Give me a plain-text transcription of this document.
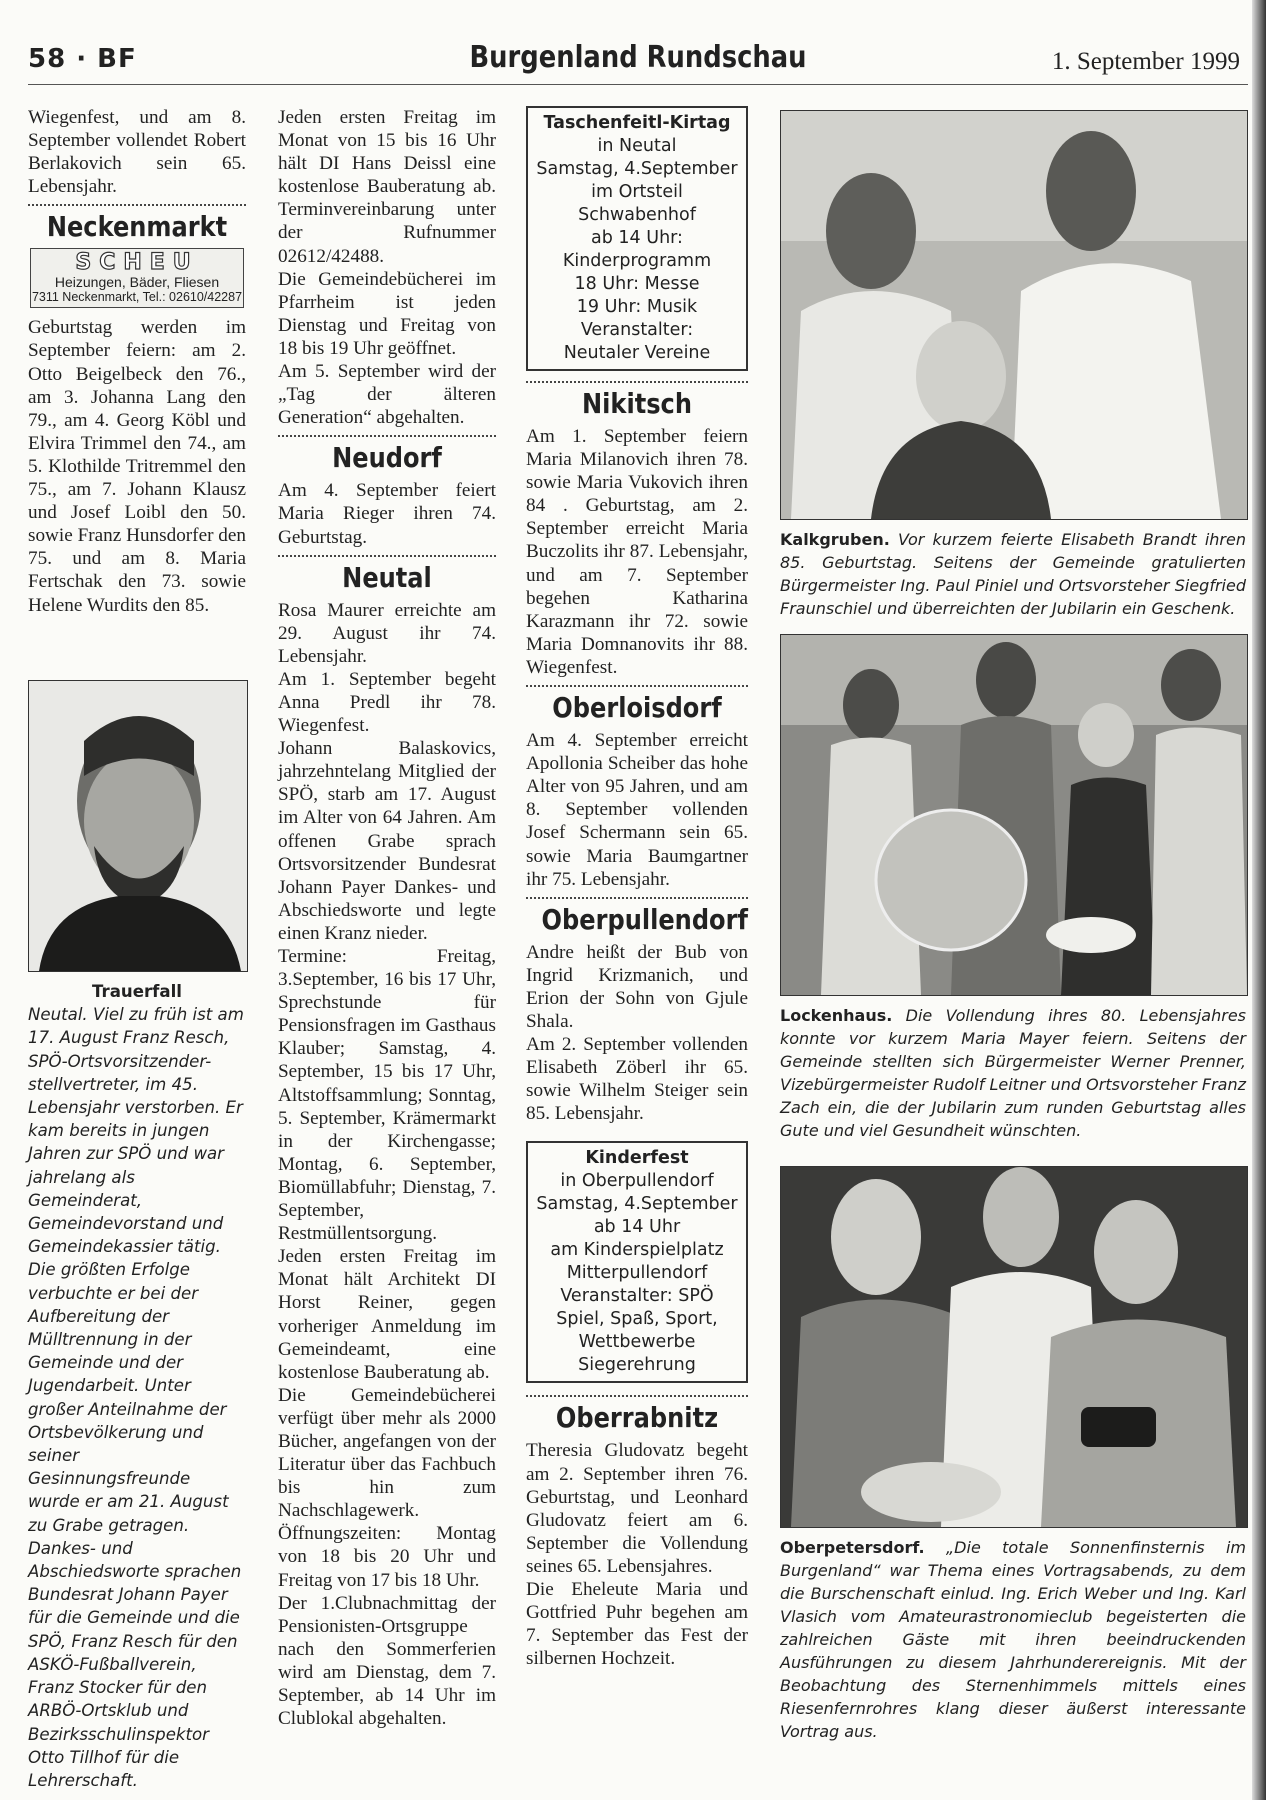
58 · BF	Burgenland Rundschau	1. September 1999

Wiegenfest, und am 8. September vollendet Robert Berlakovich sein 65. Lebensjahr.

Neckenmarkt
SCHEU
Heizungen, Bäder, Fliesen
7311 Neckenmarkt, Tel.: 02610/42287

Geburtstag werden im September feiern: am 2. Otto Beigelbeck den 76., am 3. Johanna Lang den 79., am 4. Georg Köbl und Elvira Trimmel den 74., am 5. Klothilde Tritremmel den 75., am 7. Johann Klausz und Josef Loibl den 50. sowie Franz Hunsdorfer den 75. und am 8. Maria Fertschak den 73. sowie Helene Wurdits den 85.

Trauerfall
Neutal. Viel zu früh ist am 17. August Franz Resch, SPÖ-Ortsvorsitzender-stellvertreter, im 45. Lebensjahr verstorben. Er kam bereits in jungen Jahren zur SPÖ und war jahrelang als Gemeinderat, Gemeindevorstand und Gemeindekassier tätig. Die größten Erfolge verbuchte er bei der Aufbereitung der Mülltrennung in der Gemeinde und der Jugendarbeit. Unter großer Anteilnahme der Ortsbevölkerung und seiner Gesinnungsfreunde wurde er am 21. August zu Grabe getragen. Dankes- und Abschiedsworte sprachen Bundesrat Johann Payer für die Gemeinde und die SPÖ, Franz Resch für den ASKÖ-Fußballverein, Franz Stocker für den ARBÖ-Ortsklub und Bezirksschulinspektor Otto Tillhof für die Lehrerschaft.

Jeden ersten Freitag im Monat von 15 bis 16 Uhr hält DI Hans Deissl eine kostenlose Bauberatung ab. Terminvereinbarung unter der Rufnummer 02612/42488.

Die Gemeindebücherei im Pfarrheim ist jeden Dienstag und Freitag von 18 bis 19 Uhr geöffnet.

Am 5. September wird der „Tag der älteren Generation“ abgehalten.

Neudorf

Am 4. September feiert Maria Rieger ihren 74. Geburtstag.

Neutal

Rosa Maurer erreichte am 29. August ihr 74. Lebensjahr.

Am 1. September begeht Anna Predl ihr 78. Wiegenfest.

Johann Balaskovics, jahrzehntelang Mitglied der SPÖ, starb am 17. August im Alter von 64 Jahren. Am offenen Grabe sprach Ortsvorsitzender Bundesrat Johann Payer Dankes- und Abschiedsworte und legte einen Kranz nieder.

Termine: Freitag, 3.September, 16 bis 17 Uhr, Sprechstunde für Pensionsfragen im Gasthaus Klauber; Samstag, 4. September, 15 bis 17 Uhr, Altstoffsammlung; Sonntag, 5. September, Krämermarkt in der Kirchengasse; Montag, 6. September, Biomüllabfuhr; Dienstag, 7. September, Restmüllentsorgung.

Jeden ersten Freitag im Monat hält Architekt DI Horst Reiner, gegen vorheriger Anmeldung im Gemeindeamt, eine kostenlose Bauberatung ab.

Die Gemeindebücherei verfügt über mehr als 2000 Bücher, angefangen von der Literatur über das Fachbuch bis hin zum Nachschlagewerk. Öffnungszeiten: Montag von 18 bis 20 Uhr und Freitag von 17 bis 18 Uhr.

Der 1.Clubnachmittag der Pensionisten-Ortsgruppe nach den Sommerferien wird am Dienstag, dem 7. September, ab 14 Uhr im Clublokal abgehalten.

Taschenfeitl-Kirtag
in Neutal
Samstag, 4.September
im Ortsteil
Schwabenhof
ab 14 Uhr:
Kinderprogramm
18 Uhr: Messe
19 Uhr: Musik
Veranstalter:
Neutaler Vereine
Nikitsch

Am 1. September feiern Maria Milanovich ihren 78. sowie Maria Vukovich ihren 84 . Geburtstag, am 2. September erreicht Maria Buczolits ihr 87. Lebensjahr, und am 7. September begehen Katharina Karazmann ihr 72. sowie Maria Domnanovits ihr 88. Wiegenfest.

Oberloisdorf

Am 4. September erreicht Apollonia Scheiber das hohe Alter von 95 Jahren, und am 8. September vollenden Josef Schermann sein 65. sowie Maria Baumgartner ihr 75. Lebensjahr.

Oberpullendorf

Andre heißt der Bub von Ingrid Krizmanich, und Erion der Sohn von Gjule Shala.

Am 2. September vollenden Elisabeth Zöberl ihr 65. sowie Wilhelm Steiger sein 85. Lebensjahr.

Kinderfest
in Oberpullendorf
Samstag, 4.September
ab 14 Uhr
am Kinderspielplatz
Mitterpullendorf
Veranstalter: SPÖ
Spiel, Spaß, Sport,
Wettbewerbe
Siegerehrung
Oberrabnitz

Theresia Gludovatz begeht am 2. September ihren 76. Geburtstag, und Leonhard Gludovatz feiert am 6. September die Vollendung seines 65. Lebensjahres.

Die Eheleute Maria und Gottfried Puhr begehen am 7. September das Fest der silbernen Hochzeit.

Kalkgruben. Vor kurzem feierte Elisabeth Brandt ihren 85. Geburtstag. Seitens der Gemeinde gratulierten Bürgermeister Ing. Paul Piniel und Ortsvorsteher Siegfried Fraunschiel und überreichten der Jubilarin ein Geschenk.
Lockenhaus. Die Vollendung ihres 80. Lebensjahres konnte vor kurzem Maria Mayer feiern. Seitens der Gemeinde stellten sich Bürgermeister Werner Prenner, Vizebürgermeister Rudolf Leitner und Ortsvorsteher Franz Zach ein, die der Jubilarin zum runden Geburtstag alles Gute und viel Gesundheit wünschten.
Oberpetersdorf. „Die totale Sonnenfinsternis im Burgenland“ war Thema eines Vortragsabends, zu dem die Burschenschaft einlud. Ing. Erich Weber und Ing. Karl Vlasich vom Amateurastronomieclub begeisterten die zahlreichen Gäste mit ihren beeindruckenden Ausführungen zu diesem Jahrhunderereignis. Mit der Beobachtung des Sternenhimmels mittels eines Riesenfernrohres klang dieser äußerst interessante Vortrag aus.
